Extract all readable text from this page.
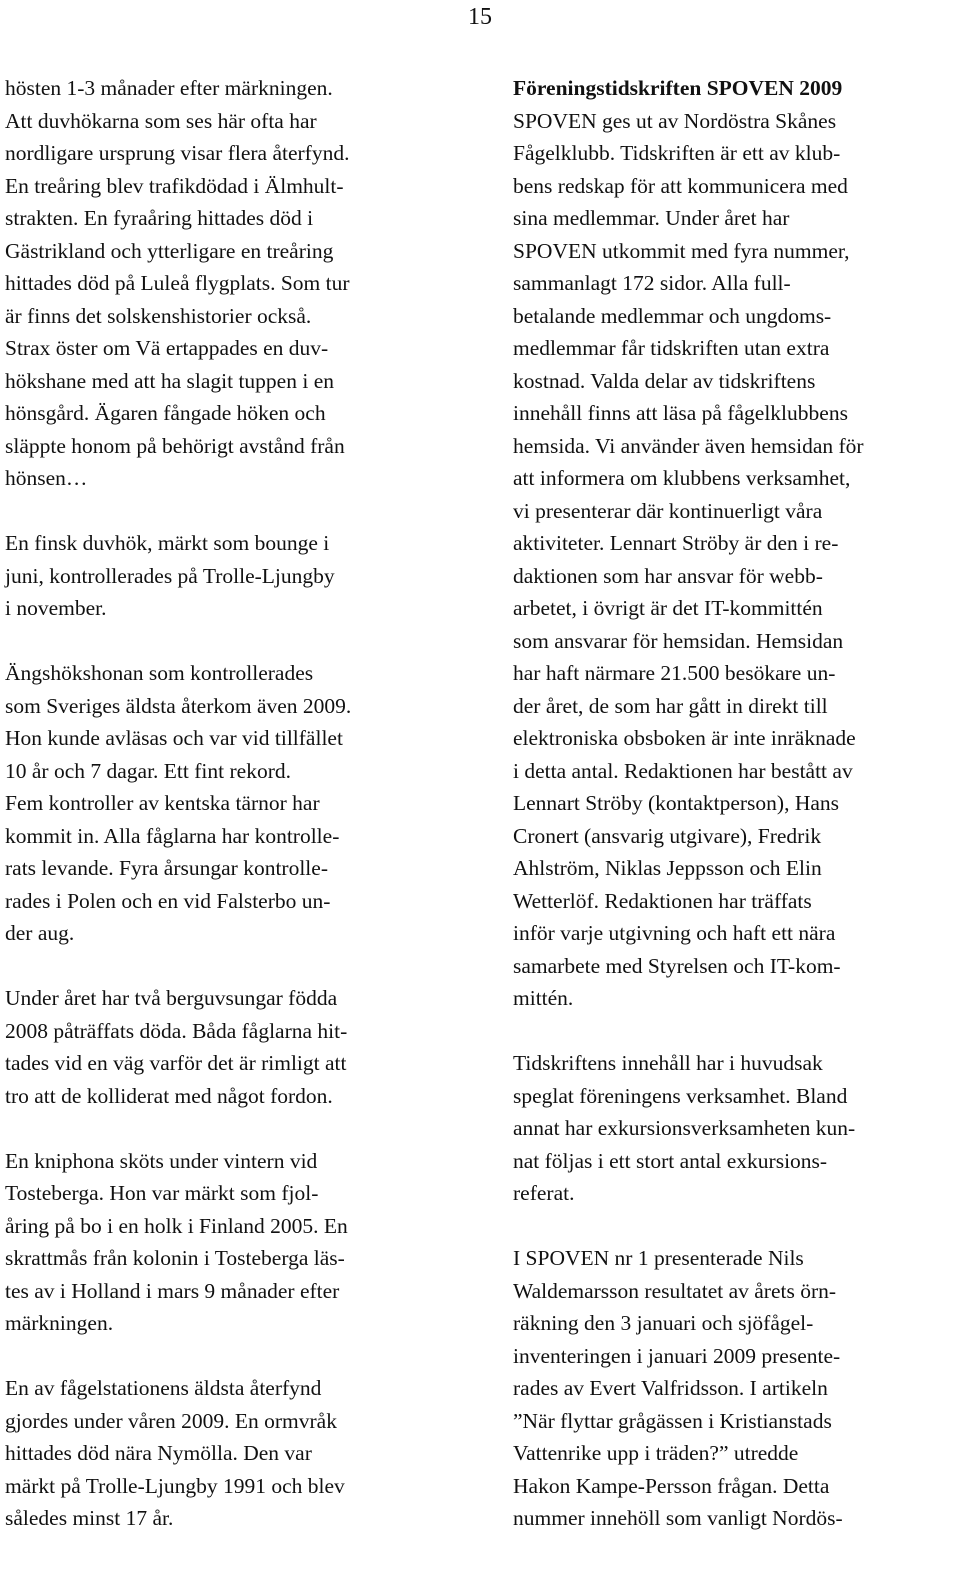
15
hösten 1-3 månader efter märkningen.
Att duvhökarna som ses här ofta har
nordligare ursprung visar flera återfynd.
En treåring blev trafikdödad i Älmhult-
strakten. En fyraåring hittades död i
Gästrikland och ytterligare en treåring
hittades död på Luleå flygplats. Som tur
är finns det solskenshistorier också.
Strax öster om Vä ertappades en duv-
hökshane med att ha slagit tuppen i en
hönsgård. Ägaren fångade höken och
släppte honom på behörigt avstånd från
hönsen…
En finsk duvhök, märkt som bounge i
juni, kontrollerades på Trolle-Ljungby
i november.
Ängshökshonan som kontrollerades
som Sveriges äldsta återkom även 2009.
Hon kunde avläsas och var vid tillfället
10 år och 7 dagar. Ett fint rekord.
Fem kontroller av kentska tärnor har
kommit in. Alla fåglarna har kontrolle-
rats levande. Fyra årsungar kontrolle-
rades i Polen och en vid Falsterbo un-
der aug.
Under året har två berguvsungar födda
2008 påträffats döda. Båda fåglarna hit-
tades vid en väg varför det är rimligt att
tro att de kolliderat med något fordon.
En kniphona sköts under vintern vid
Tosteberga. Hon var märkt som fjol-
åring på bo i en holk i Finland 2005. En
skrattmås från kolonin i Tosteberga läs-
tes av i Holland i mars 9 månader efter
märkningen.
En av fågelstationens äldsta återfynd
gjordes under våren 2009. En ormvråk
hittades död nära Nymölla. Den var
märkt på Trolle-Ljungby 1991 och blev
således minst 17 år.
Föreningstidskriften SPOVEN 2009
SPOVEN ges ut av Nordöstra Skånes
Fågelklubb. Tidskriften är ett av klub-
bens redskap för att kommunicera med
sina medlemmar. Under året har
SPOVEN utkommit med fyra nummer,
sammanlagt 172 sidor. Alla full-
betalande medlemmar och ungdoms-
medlemmar får tidskriften utan extra
kostnad. Valda delar av tidskriftens
innehåll finns att läsa på fågelklubbens
hemsida. Vi använder även hemsidan för
att informera om klubbens verksamhet,
vi presenterar där kontinuerligt våra
aktiviteter. Lennart Ströby är den i re-
daktionen som har ansvar för webb-
arbetet, i övrigt är det IT-kommittén
som ansvarar för hemsidan. Hemsidan
har haft närmare 21.500 besökare un-
der året, de som har gått in direkt till
elektroniska obsboken är inte inräknade
i detta antal. Redaktionen har bestått av
Lennart Ströby (kontaktperson), Hans
Cronert (ansvarig utgivare), Fredrik
Ahlström, Niklas Jeppsson och Elin
Wetterlöf. Redaktionen har träffats
inför varje utgivning och haft ett nära
samarbete med Styrelsen och IT-kom-
mittén.
Tidskriftens innehåll har i huvudsak
speglat föreningens verksamhet. Bland
annat har exkursionsverksamheten kun-
nat följas i ett stort antal exkursions-
referat.
I SPOVEN nr 1 presenterade Nils
Waldemarsson resultatet av årets örn-
räkning den 3 januari och sjöfågel-
inventeringen i januari 2009 presente-
rades av Evert Valfridsson. I artikeln
”När flyttar grågässen i Kristianstads
Vattenrike upp i träden?” utredde
Hakon Kampe-Persson frågan. Detta
nummer innehöll som vanligt Nordös-
